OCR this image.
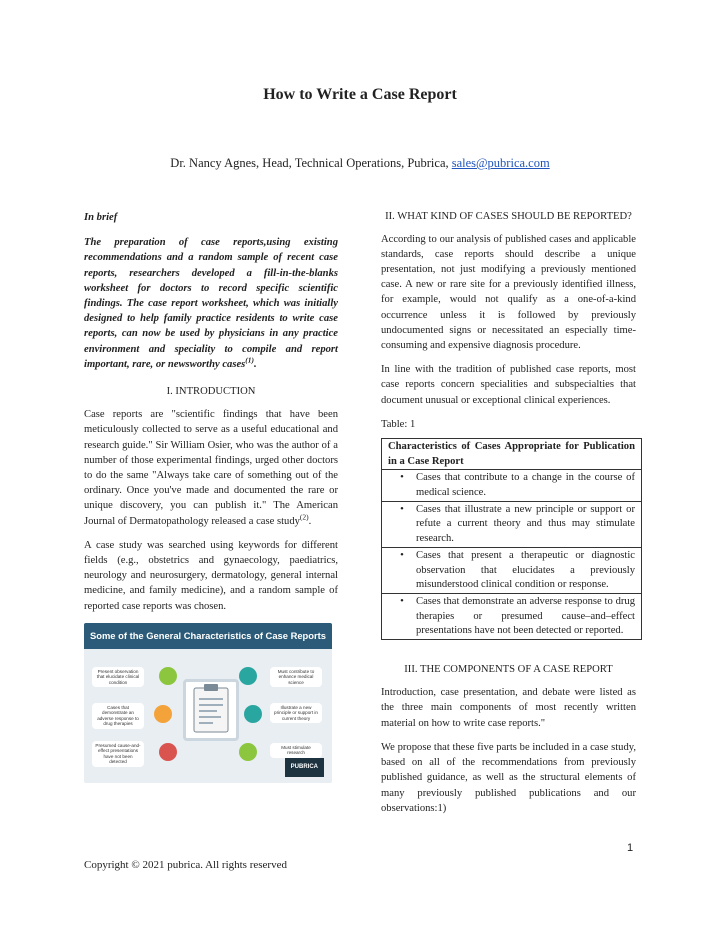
How to Write a Case Report
Dr. Nancy Agnes, Head, Technical Operations, Pubrica, sales@pubrica.com

In brief

The preparation of case reports,using existing recommendations and a random sample of recent case reports, researchers developed a fill-in-the-blanks worksheet for doctors to record specific scientific findings. The case report worksheet, which was initially designed to help family practice residents to write case reports, can now be used by physicians in any practice environment and speciality to compile and report important, rare, or newsworthy cases$^{(1)}$.

I. INTRODUCTION

Case reports are "scientific findings that have been meticulously collected to serve as a useful educational and research guide." Sir William Osier, who was the author of a number of those experimental findings, urged other doctors to do the same "Always take care of something out of the ordinary. Once you've made and documented the rare or unique discovery, you can publish it." The American Journal of Dermatopathology released a case study$^{(2)}$.

A case study was searched using keywords for different fields (e.g., obstetrics and gynaecology, paediatrics, neurology and neurosurgery, dermatology, general internal medicine, and family medicine), and a random sample of reported case reports was chosen.

Some of the General Characteristics of Case Reports
Present observation that elucidate clinical condition
Must contribute to enhance medical science
Cases that demonstrate an adverse response to drug therapies
Illustrate a new principle or support in current theory
Presumed cause-and-effect presentations have not been detected
Must stimulate research
PUBRICA
II. WHAT KIND OF CASES SHOULD BE REPORTED?

According to our analysis of published cases and applicable standards, case reports should describe a unique presentation, not just modifying a previously mentioned case. A new or rare site for a previously identified illness, for example, would not qualify as a one-of-a-kind occurrence unless it is followed by previously undocumented signs or necessitated an especially time-consuming and expensive diagnosis procedure.

In line with the tradition of published case reports, most case reports concern specialities and subspecialties that document unusual or exceptional clinical experiences.

Table: 1
Characteristics of Cases Appropriate for Publication in a Case Report

•	Cases that contribute to a change in the course of medical science.

•	Cases that illustrate a new principle or support or refute a current theory and thus may stimulate research.

•	Cases that present a therapeutic or diagnostic observation that elucidates a previously misunderstood clinical condition or response.

•	Cases that demonstrate an adverse response to drug therapies or presumed cause–and–effect presentations have not been detected or reported.
III. THE COMPONENTS OF A CASE REPORT

Introduction, case presentation, and debate were listed as the three main components of most recently written material on how to write case reports."

We propose that these five parts be included in a case study, based on all of the recommendations from previously published guidance, as well as the structural elements of many previously published publications and our observations:1)

1
Copyright © 2021 pubrica. All rights reserved
